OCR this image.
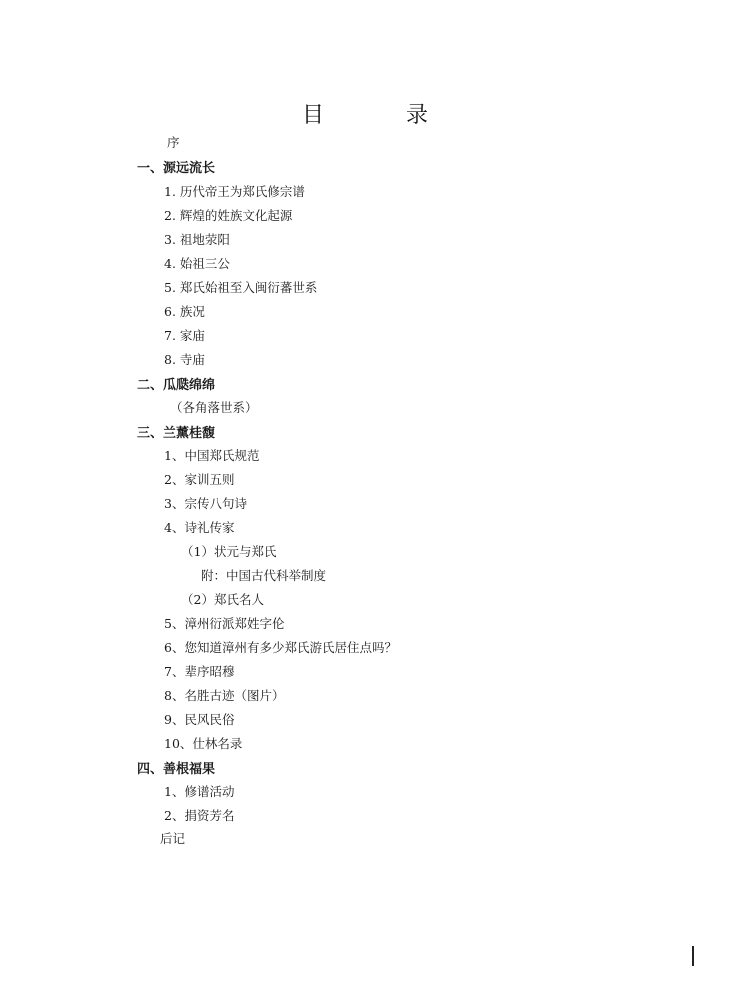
目　录
序
一、源远流长
1. 历代帝王为郑氏修宗谱
2. 辉煌的姓族文化起源
3. 祖地荥阳
4. 始祖三公
5. 郑氏始祖至入闽衍蕃世系
6. 族况
7. 家庙
8. 寺庙
二、瓜瓞绵绵
（各角落世系）
三、兰薰桂馥
1、中国郑氏规范
2、家训五则
3、宗传八句诗
4、诗礼传家
（1）状元与郑氏
附：中国古代科举制度
（2）郑氏名人
5、漳州衍派郑姓字伦
6、您知道漳州有多少郑氏游氏居住点吗？
7、辈序昭穆
8、名胜古迹（图片）
9、民风民俗
10、仕林名录
四、善根福果
1、修谱活动
2、捐资芳名
后记
